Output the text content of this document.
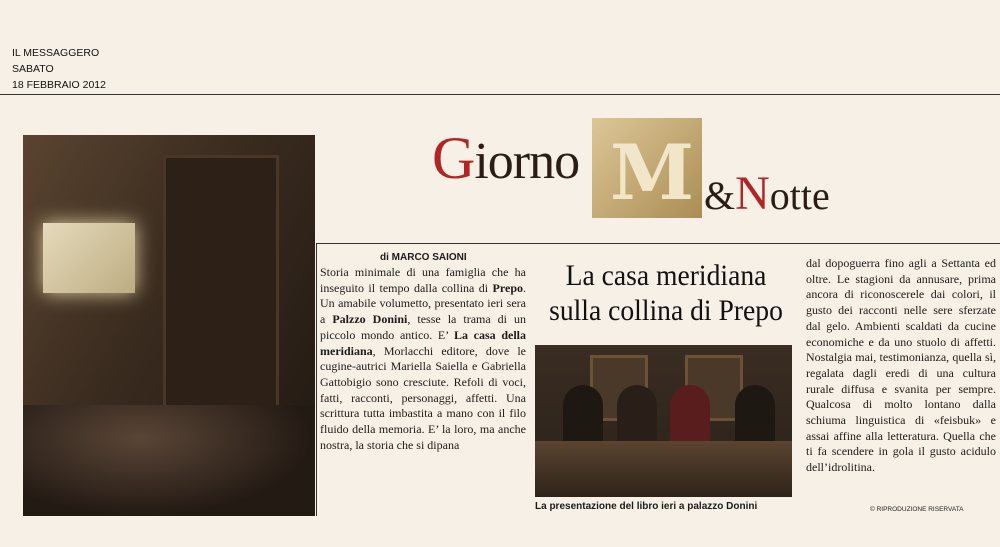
IL MESSAGGERO
SABATO
18 FEBBRAIO 2012
Giorno M &Notte
di MARCO SAIONI
Storia minimale di una famiglia che ha inseguito il tempo dalla collina di Prepo. Un amabile volumetto, presentato ieri sera a Palzzo Donini, tesse la trama di un piccolo mondo antico. E’ La casa della meridiana, Morlacchi editore, dove le cugine-autrici Mariella Saiella e Gabriella Gattobigio sono cresciute. Refoli di voci, fatti, racconti, personaggi, affetti. Una scrittura tutta imbastita a mano con il filo fluido della memoria. E’ la loro, ma anche nostra, la storia che si dipana
La casa meridiana
sulla collina di Prepo
La presentazione del libro ieri a palazzo Donini
dal dopoguerra fino agli a Settanta ed oltre. Le stagioni da annusare, prima ancora di riconoscerele dai colori, il gusto dei racconti nelle sere sferzate dal gelo. Ambienti scaldati da cucine economiche e da uno stuolo di affetti. Nostalgia mai, testimonianza, quella sì, regalata dagli eredi di una cultura rurale diffusa e svanita per sempre. Qualcosa di molto lontano dalla schiuma linguistica di «feisbuk» e assai affine alla letteratura. Quella che ti fa scendere in gola il gusto acidulo dell’idrolitina.
© RIPRODUZIONE RISERVATA
